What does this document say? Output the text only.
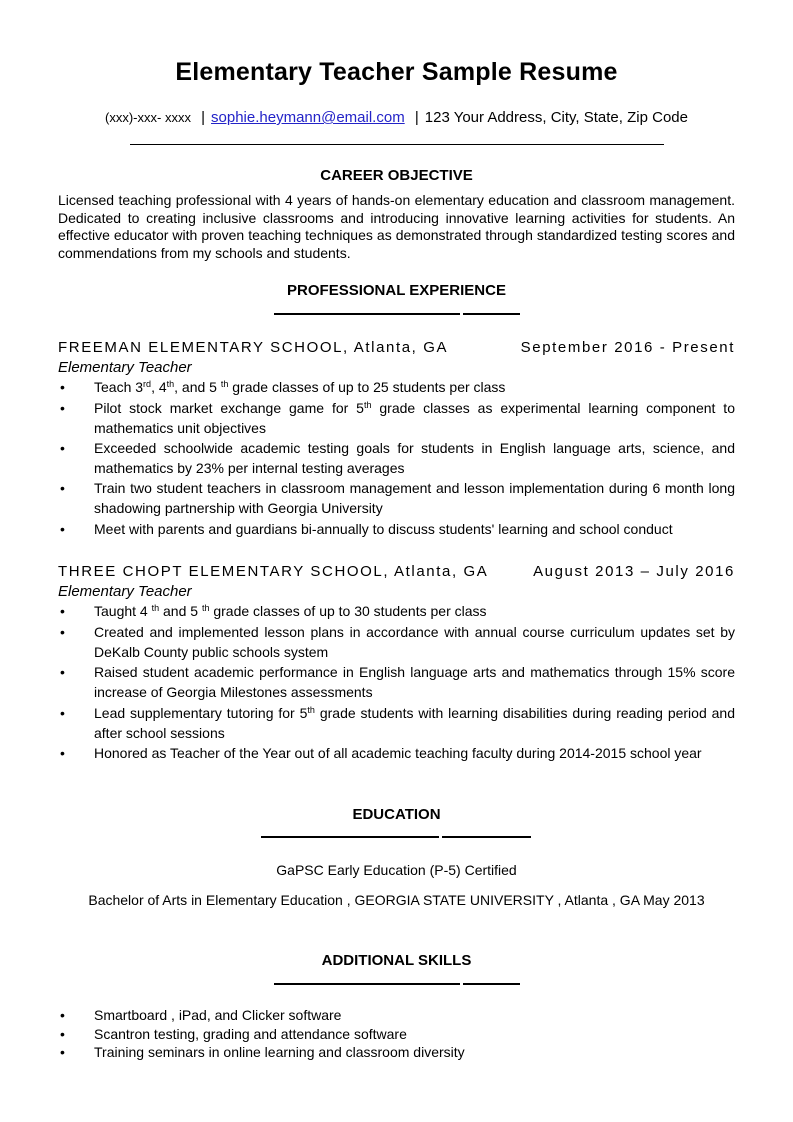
Elementary Teacher Sample Resume
(xxx)-xxx- xxxx | sophie.heymann@email.com | 123 Your Address, City, State, Zip Code
CAREER OBJECTIVE
Licensed teaching professional with 4 years of hands-on elementary education and classroom management. Dedicated to creating inclusive classrooms and introducing innovative learning activities for students. An effective educator with proven teaching techniques as demonstrated through standardized testing scores and commendations from my schools and students.
PROFESSIONAL EXPERIENCE
FREEMAN ELEMENTARY SCHOOL, Atlanta, GA	September 2016 - Present
Elementary Teacher
Teach 3rd, 4th, and 5 $^{th}$ grade classes of up to 25 students per class
Pilot stock market exchange game for 5th grade classes as experimental learning component to mathematics unit objectives
Exceeded schoolwide academic testing goals for students in English language arts, science, and mathematics by 23% per internal testing averages
Train two student teachers in classroom management and lesson implementation during 6 month long shadowing partnership with Georgia University
Meet with parents and guardians bi-annually to discuss students' learning and school conduct
THREE CHOPT ELEMENTARY SCHOOL, Atlanta, GA	August 2013 – July 2016
Elementary Teacher
Taught 4 $^{th}$ and 5 $^{th}$ grade classes of up to 30 students per class
Created and implemented lesson plans in accordance with annual course curriculum updates set by DeKalb County public schools system
Raised student academic performance in English language arts and mathematics through 15% score increase of Georgia Milestones assessments
Lead supplementary tutoring for 5th grade students with learning disabilities during reading period and after school sessions
Honored as Teacher of the Year out of all academic teaching faculty during 2014-2015 school year
EDUCATION
GaPSC Early Education (P-5) Certified
Bachelor of Arts in Elementary Education , GEORGIA STATE UNIVERSITY , Atlanta , GA May 2013
ADDITIONAL SKILLS
Smartboard , iPad, and Clicker software
Scantron testing, grading and attendance software
Training seminars in online learning and classroom diversity
